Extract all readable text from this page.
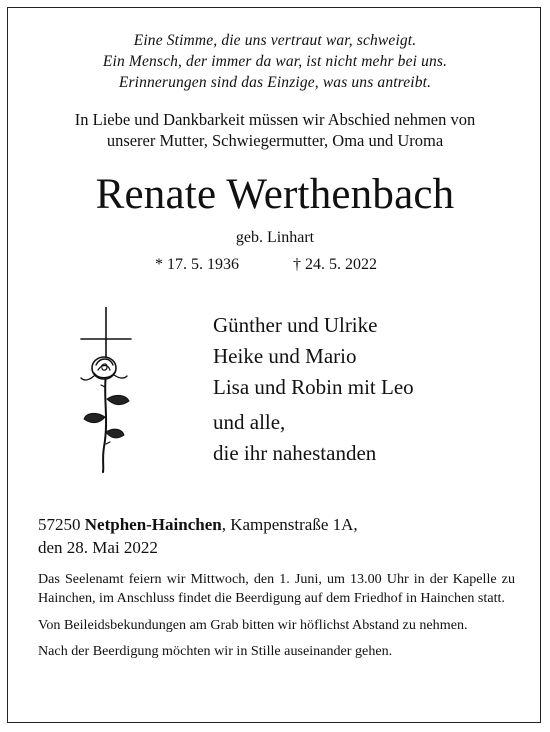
Eine Stimme, die uns vertraut war, schweigt.
Ein Mensch, der immer da war, ist nicht mehr bei uns.
Erinnerungen sind das Einzige, was uns antreibt.
In Liebe und Dankbarkeit müssen wir Abschied nehmen von
unserer Mutter, Schwiegermutter, Oma und Uroma
Renate Werthenbach
geb. Linhart
* 17. 5. 1936	† 24. 5. 2022
Günther und Ulrike
Heike und Mario
Lisa und Robin mit Leo
und alle,
die ihr nahestanden
57250 Netphen-Hainchen, Kampenstraße 1A,
den 28. Mai 2022

Das Seelenamt feiern wir Mittwoch, den 1. Juni, um 13.00 Uhr in der Kapelle zu Hainchen, im Anschluss findet die Beerdigung auf dem Friedhof in Hainchen statt.

Von Beileidsbekundungen am Grab bitten wir höflichst Abstand zu nehmen.

Nach der Beerdigung möchten wir in Stille auseinander gehen.
